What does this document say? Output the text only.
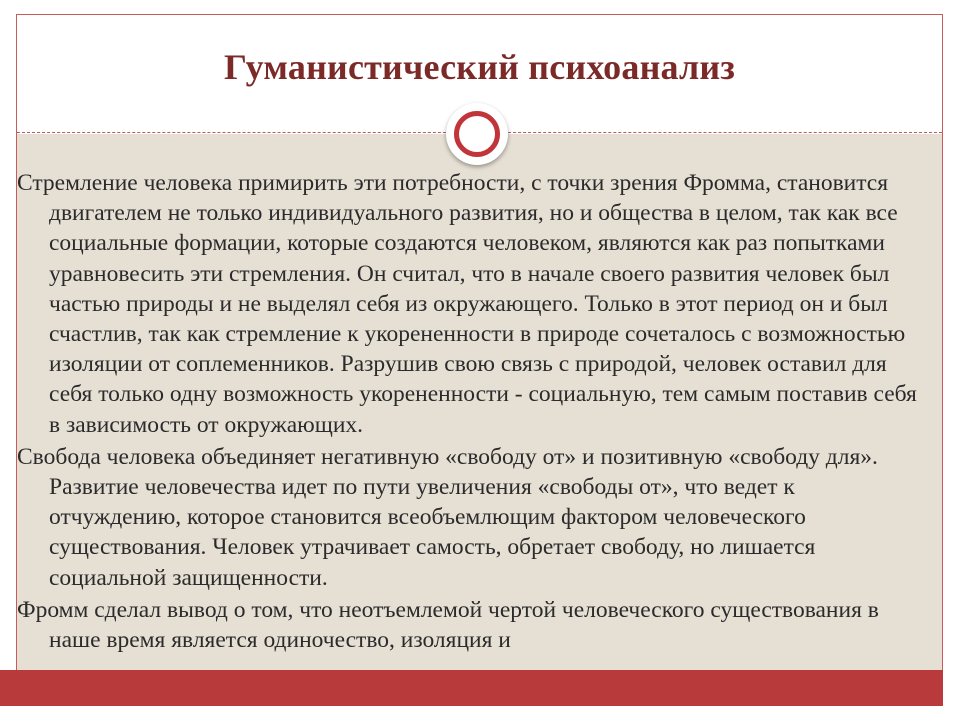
Гуманистический психоанализ

Стремление человека примирить эти потребности, с точки зрения Фромма, становится двигателем не только индивидуального развития, но и общества в целом, так как все социальные формации, которые создаются человеком, являются как раз попытками уравновесить эти стремления. Он считал, что в начале своего развития человек был частью природы и не выделял себя из окружающего. Только в этот период он и был счастлив, так как стремление к укорененности в природе сочеталось с возможностью изоляции от соплеменников. Разрушив свою связь с природой, человек оставил для себя только одну возможность укорененности - социальную, тем самым поставив себя в зависимость от окружающих.

Свобода человека объединяет негативную «свободу от» и позитивную «свободу для». Развитие человечества идет по пути увеличения «свободы от», что ведет к отчуждению, которое становится всеобъемлющим фактором человеческого существования. Человек утрачивает самость, обретает свободу, но лишается социальной защищенности.

Фромм сделал вывод о том, что неотъемлемой чертой человеческого существования в наше время является одиночество, изоляция и
